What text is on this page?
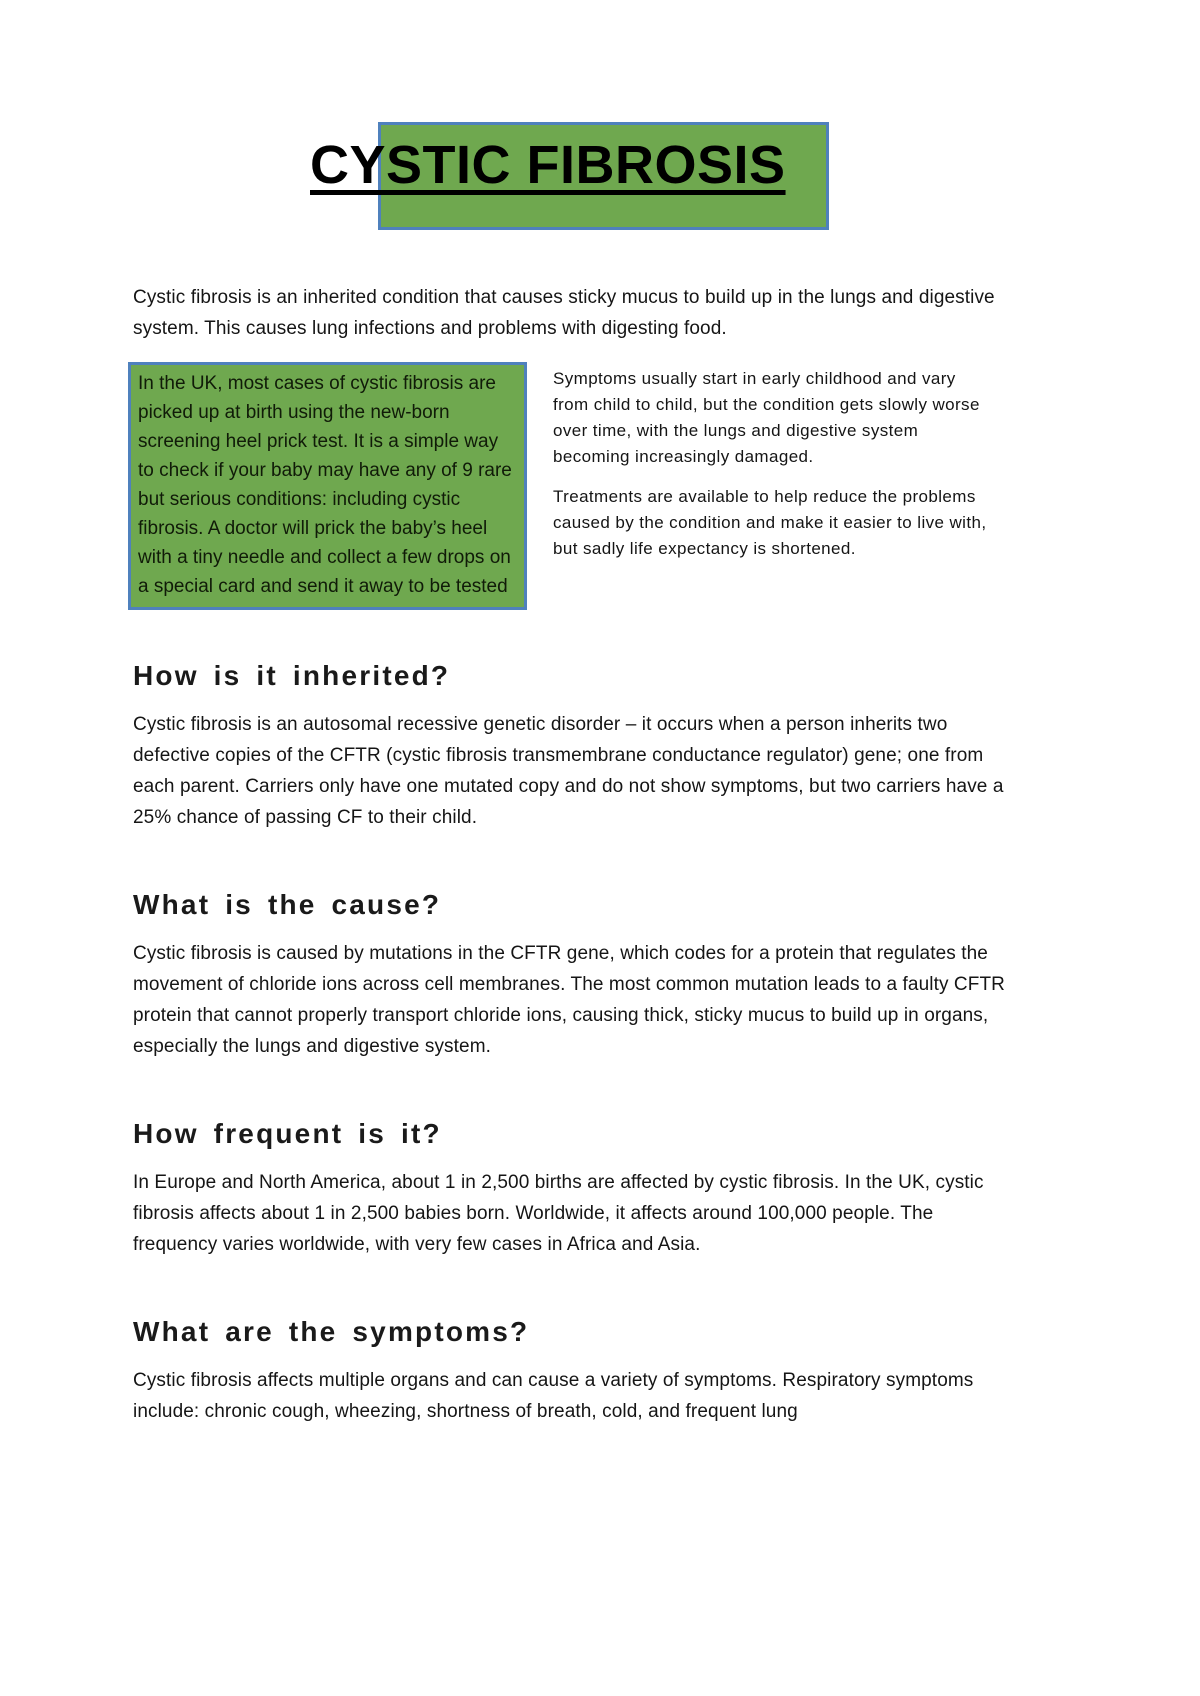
CYSTIC FIBROSIS

Cystic fibrosis is an inherited condition that causes sticky mucus to build up in the lungs and digestive system. This causes lung infections and problems with digesting food.

In the UK, most cases of cystic fibrosis are picked up at birth using the new-born screening heel prick test. It is a simple way to check if your baby may have any of 9 rare but serious conditions: including cystic fibrosis. A doctor will prick the baby’s heel with a tiny needle and collect a few drops on a special card and send it away to be tested

Symptoms usually start in early childhood and vary from child to child, but the condition gets slowly worse over time, with the lungs and digestive system becoming increasingly damaged.

Treatments are available to help reduce the problems caused by the condition and make it easier to live with, but sadly life expectancy is shortened.

How is it inherited?

Cystic fibrosis is an autosomal recessive genetic disorder – it occurs when a person inherits two defective copies of the CFTR (cystic fibrosis transmembrane conductance regulator) gene; one from each parent. Carriers only have one mutated copy and do not show symptoms, but two carriers have a 25% chance of passing CF to their child.

What is the cause?

Cystic fibrosis is caused by mutations in the CFTR gene, which codes for a protein that regulates the movement of chloride ions across cell membranes. The most common mutation leads to a faulty CFTR protein that cannot properly transport chloride ions, causing thick, sticky mucus to build up in organs, especially the lungs and digestive system.

How frequent is it?

In Europe and North America, about 1 in 2,500 births are affected by cystic fibrosis. In the UK, cystic fibrosis affects about 1 in 2,500 babies born. Worldwide, it affects around 100,000 people. The frequency varies worldwide, with very few cases in Africa and Asia.

What are the symptoms?

Cystic fibrosis affects multiple organs and can cause a variety of symptoms. Respiratory symptoms include: chronic cough, wheezing, shortness of breath, cold, and frequent lung
